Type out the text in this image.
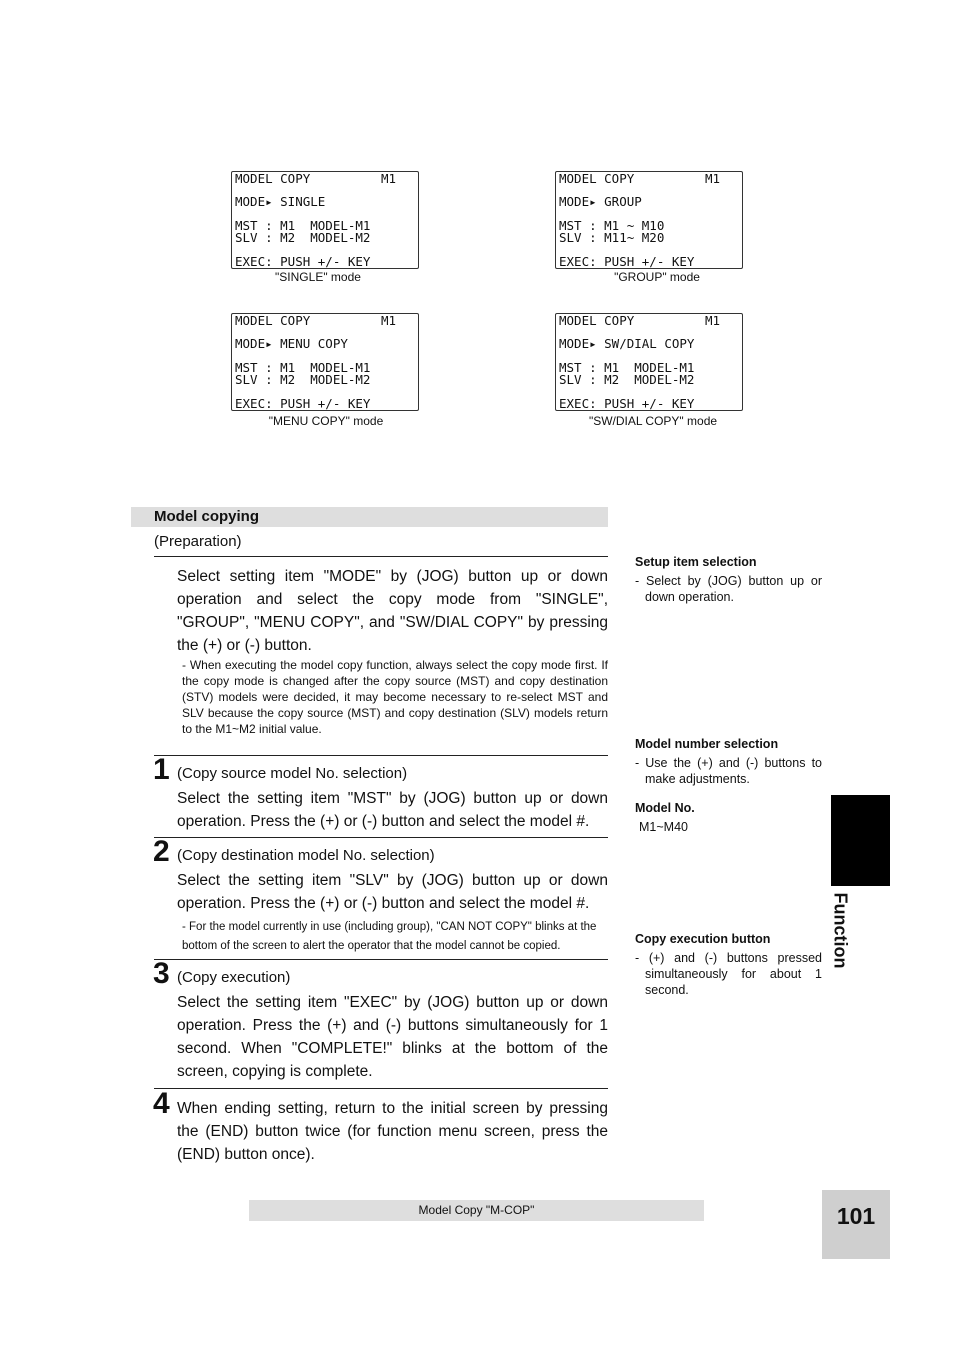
MODEL COPY	M1
MODE▸ SINGLE
MST : M1  MODEL-M1
SLV : M2  MODEL-M2
EXEC: PUSH +/- KEY
"SINGLE" mode
MODEL COPY	M1
MODE▸ GROUP
MST : M1 ~ M10
SLV : M11~ M20
EXEC: PUSH +/- KEY
"GROUP" mode
MODEL COPY	M1
MODE▸ MENU COPY
MST : M1  MODEL-M1
SLV : M2  MODEL-M2
EXEC: PUSH +/- KEY
"MENU COPY" mode
MODEL COPY	M1
MODE▸ SW/DIAL COPY
MST : M1  MODEL-M1
SLV : M2  MODEL-M2
EXEC: PUSH +/- KEY
"SW/DIAL COPY" mode
Model copying
(Preparation)
Select setting item "MODE" by (JOG) button up or down operation and select the copy mode from "SINGLE", "GROUP", "MENU COPY", and "SW/DIAL COPY" by pressing the (+) or (-) button.
- When executing the model copy function, always select the copy mode first. If the copy mode is changed after the copy source (MST) and copy destination (STV) models were decided, it may become necessary to re-select MST and SLV because the copy source (MST) and copy destination (SLV) models return to the M1~M2 initial value.
1 (Copy source model No. selection)
Select the setting item "MST" by (JOG) button up or down operation. Press the (+) or (-) button and select the model #.
2 (Copy destination model No. selection)
Select the setting item "SLV" by (JOG) button up or down operation. Press the (+) or (-) button and select the model #.
- For the model currently in use (including group), "CAN NOT COPY" blinks at the bottom of the screen to alert the operator that the model cannot be copied.
3 (Copy execution)
Select the setting item "EXEC" by (JOG) button up or down operation. Press the (+) and (-) buttons simultaneously for 1 second. When "COMPLETE!" blinks at the bottom of the screen, copying is complete.
4 When ending setting, return to the initial screen by pressing the (END) button twice (for function menu screen, press the (END) button once).
Setup item selection
- Select by (JOG) button up or down operation.
Model number selection
- Use the (+) and (-) buttons to make adjustments.
Model No.
M1~M40
Copy execution button
- (+) and (-) buttons pressed simultaneously for about 1 second.
Function
Model Copy "M-COP"	101
